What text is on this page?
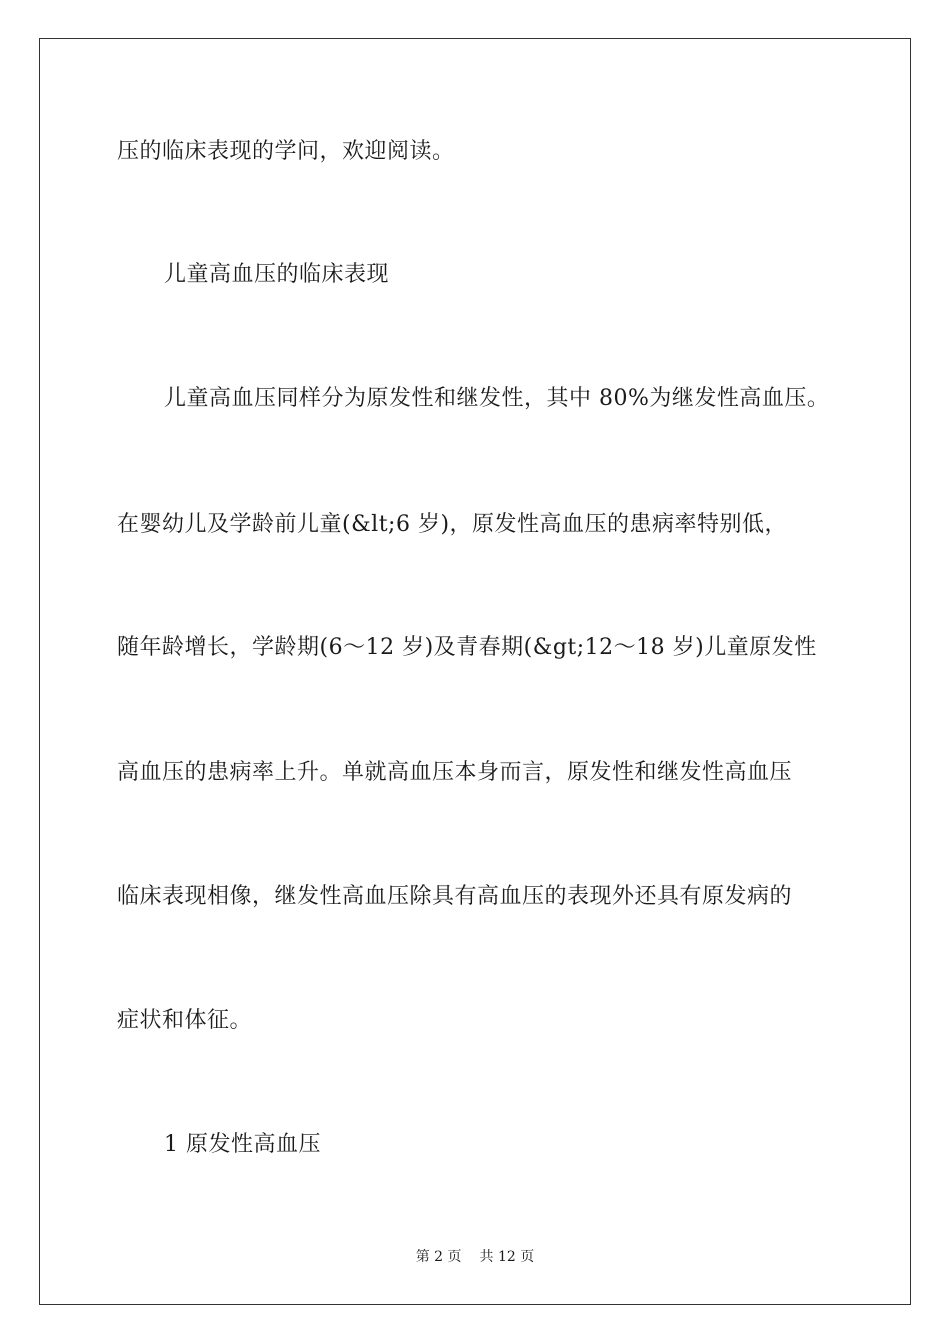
压的临床表现的学问，欢迎阅读。
儿童高血压的临床表现
儿童高血压同样分为原发性和继发性，其中 80%为继发性高血压。
在婴幼儿及学龄前儿童(&lt;6 岁)，原发性高血压的患病率特别低，
随年龄增长，学龄期(6～12 岁)及青春期(&gt;12～18 岁)儿童原发性
高血压的患病率上升。单就高血压本身而言，原发性和继发性高血压
临床表现相像，继发性高血压除具有高血压的表现外还具有原发病的
症状和体征。
1 原发性高血压
第 2 页 共 12 页
